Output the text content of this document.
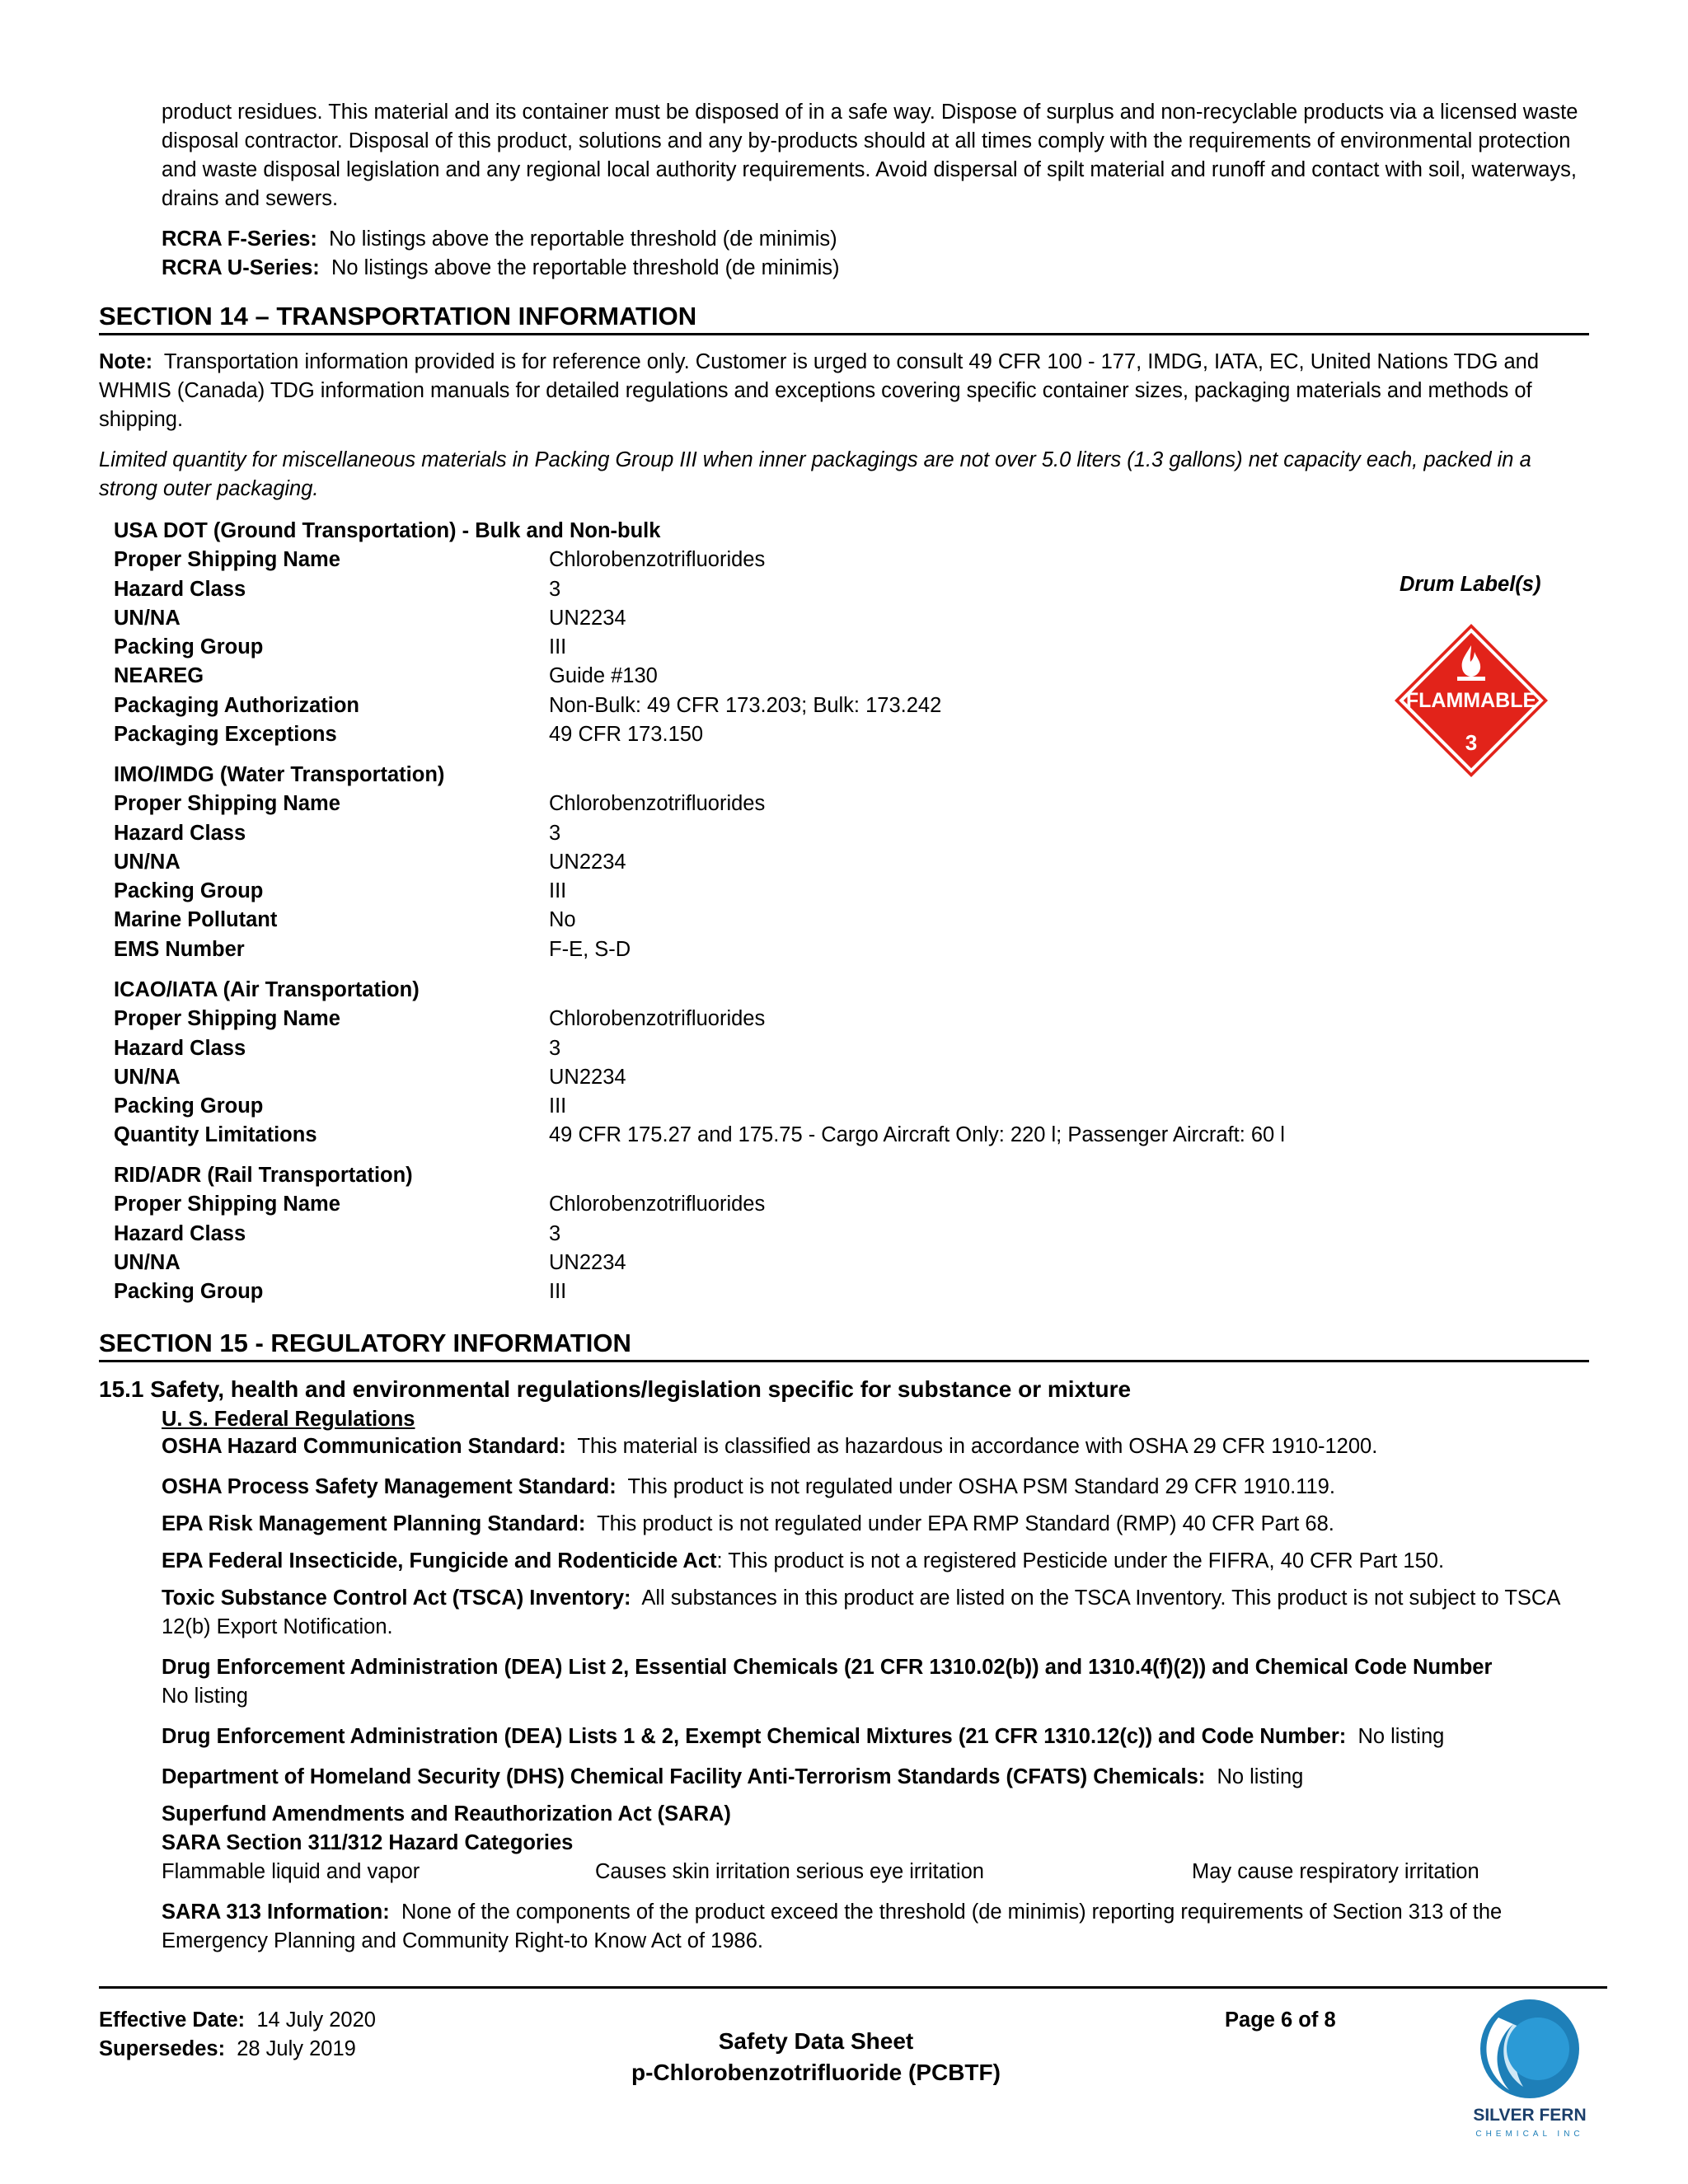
product residues. This material and its container must be disposed of in a safe way. Dispose of surplus and non-recyclable products via a licensed waste disposal contractor. Disposal of this product, solutions and any by-products should at all times comply with the requirements of environmental protection and waste disposal legislation and any regional local authority requirements. Avoid dispersal of spilt material and runoff and contact with soil, waterways, drains and sewers.

RCRA F-Series: No listings above the reportable threshold (de minimis)

RCRA U-Series: No listings above the reportable threshold (de minimis)

SECTION 14 – TRANSPORTATION INFORMATION

Note: Transportation information provided is for reference only. Customer is urged to consult 49 CFR 100 - 177, IMDG, IATA, EC, United Nations TDG and WHMIS (Canada) TDG information manuals for detailed regulations and exceptions covering specific container sizes, packaging materials and methods of shipping.

Limited quantity for miscellaneous materials in Packing Group III when inner packagings are not over 5.0 liters (1.3 gallons) net capacity each, packed in a strong outer packaging.

USA DOT (Ground Transportation) - Bulk and Non-bulk
Proper Shipping Name	Chlorobenzotrifluorides
Hazard Class	3
UN/NA	UN2234
Packing Group	III
NEAREG	Guide #130
Packaging Authorization	Non-Bulk: 49 CFR 173.203; Bulk: 173.242
Packaging Exceptions	49 CFR 173.150
IMO/IMDG (Water Transportation)
Proper Shipping Name	Chlorobenzotrifluorides
Hazard Class	3
UN/NA	UN2234
Packing Group	III
Marine Pollutant	No
EMS Number	F-E, S-D
ICAO/IATA (Air Transportation)
Proper Shipping Name	Chlorobenzotrifluorides
Hazard Class	3
UN/NA	UN2234
Packing Group	III
Quantity Limitations	49 CFR 175.27 and 175.75 - Cargo Aircraft Only: 220 l; Passenger Aircraft: 60 l
RID/ADR (Rail Transportation)
Proper Shipping Name	Chlorobenzotrifluorides
Hazard Class	3
UN/NA	UN2234
Packing Group	III
Drum Label(s)
FLAMMABLE
3
SECTION 15 - REGULATORY INFORMATION
15.1 Safety, health and environmental regulations/legislation specific for substance or mixture

U. S. Federal Regulations

OSHA Hazard Communication Standard: This material is classified as hazardous in accordance with OSHA 29 CFR 1910-1200.

OSHA Process Safety Management Standard: This product is not regulated under OSHA PSM Standard 29 CFR 1910.119.

EPA Risk Management Planning Standard: This product is not regulated under EPA RMP Standard (RMP) 40 CFR Part 68.

EPA Federal Insecticide, Fungicide and Rodenticide Act: This product is not a registered Pesticide under the FIFRA, 40 CFR Part 150.

Toxic Substance Control Act (TSCA) Inventory: All substances in this product are listed on the TSCA Inventory. This product is not subject to TSCA 12(b) Export Notification.

Drug Enforcement Administration (DEA) List 2, Essential Chemicals (21 CFR 1310.02(b)) and 1310.4(f)(2)) and Chemical Code Number

No listing

Drug Enforcement Administration (DEA) Lists 1 & 2, Exempt Chemical Mixtures (21 CFR 1310.12(c)) and Code Number: No listing

Department of Homeland Security (DHS) Chemical Facility Anti-Terrorism Standards (CFATS) Chemicals: No listing

Superfund Amendments and Reauthorization Act (SARA)

SARA Section 311/312 Hazard Categories

Flammable liquid and vapor	Causes skin irritation serious eye irritation	May cause respiratory irritation

SARA 313 Information: None of the components of the product exceed the threshold (de minimis) reporting requirements of Section 313 of the Emergency Planning and Community Right-to Know Act of 1986.

Effective Date: 14 July 2020

Supersedes: 28 July 2019	Safety Data Sheet

p-Chlorobenzotrifluoride (PCBTF)

Page 6 of 8
SILVER FERN
CHEMICAL INC
